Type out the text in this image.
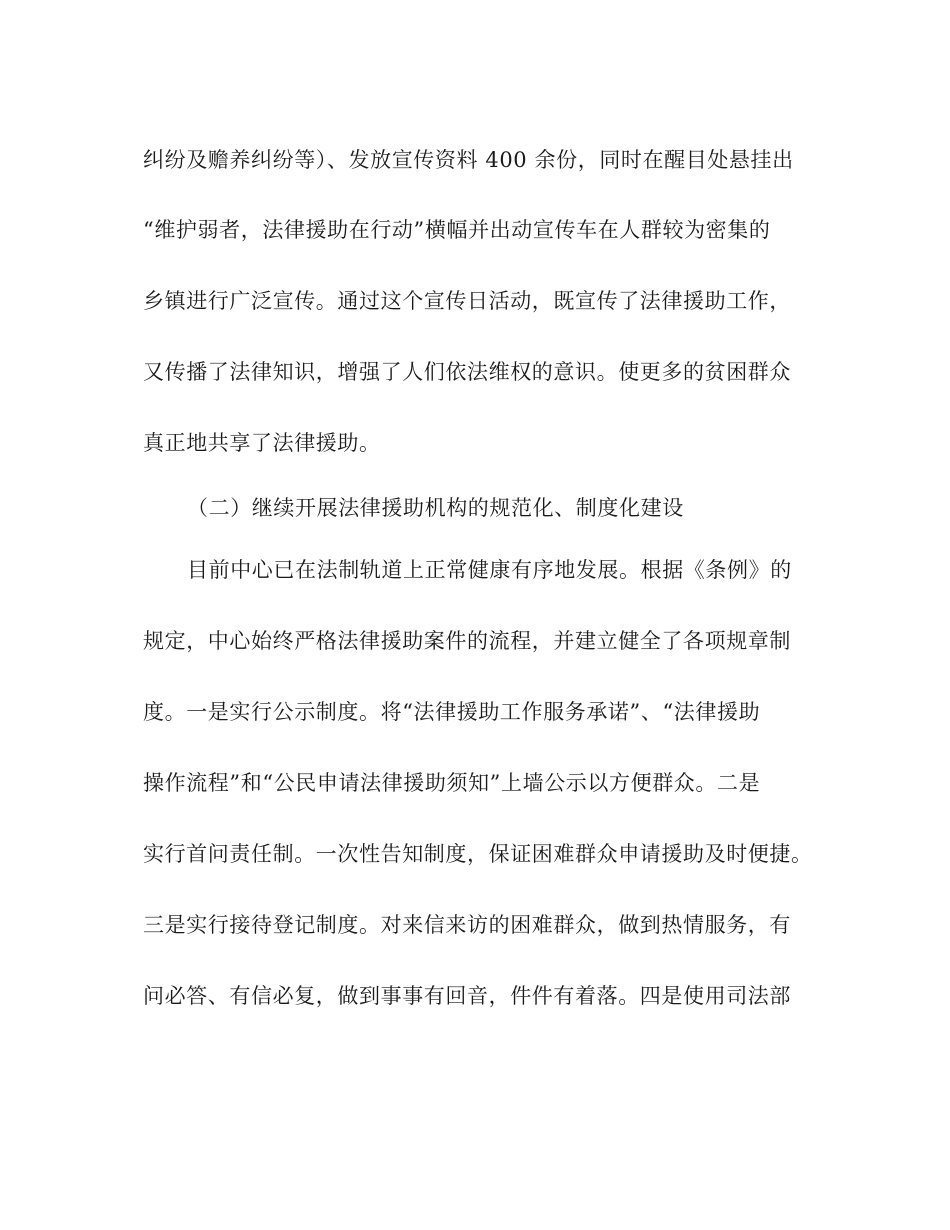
纠纷及赡养纠纷等）、发放宣传资料 400 余份，同时在醒目处悬挂出
“维护弱者，法律援助在行动”横幅并出动宣传车在人群较为密集的
乡镇进行广泛宣传。通过这个宣传日活动，既宣传了法律援助工作，
又传播了法律知识，增强了人们依法维权的意识。使更多的贫困群众
真正地共享了法律援助。
（二）继续开展法律援助机构的规范化、制度化建设
目前中心已在法制轨道上正常健康有序地发展。根据《条例》的
规定，中心始终严格法律援助案件的流程，并建立健全了各项规章制
度。一是实行公示制度。将“法律援助工作服务承诺”、“法律援助
操作流程”和“公民申请法律援助须知”上墙公示以方便群众。二是
实行首问责任制。一次性告知制度，保证困难群众申请援助及时便捷。
三是实行接待登记制度。对来信来访的困难群众，做到热情服务，有
问必答、有信必复，做到事事有回音，件件有着落。四是使用司法部
